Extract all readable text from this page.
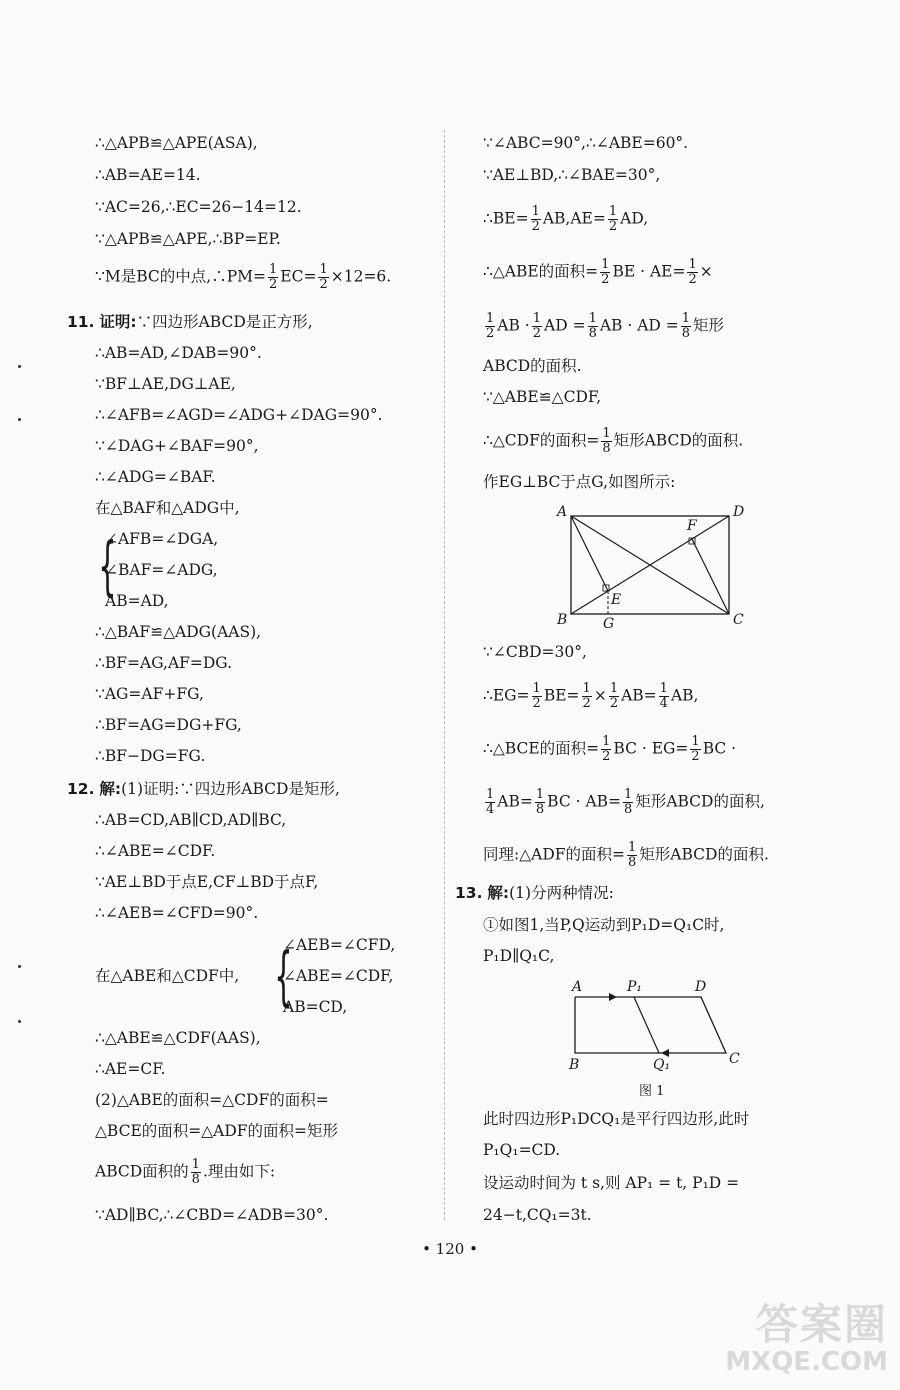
∴△APB≌△APE(ASA),
∴AB=AE=14.
∵AC=26,∴EC=26−14=12.
∵△APB≌△APE,∴BP=EP.
∵M是BC的中点,∴PM= $\frac{1}{2} EC= \frac{1}{2} \times 12=6$.
11. 证明:∵四边形ABCD是正方形,
∴AB=AD,∠DAB=90°.
∵BF⊥AE,DG⊥AE,
∴∠AFB=∠AGD=∠ADG+∠DAG=90°.
∵∠DAG+∠BAF=90°,
∴∠ADG=∠BAF.
在△BAF和△ADG中,
{
∠AFB=∠DGA,
∠BAF=∠ADG,
AB=AD,
∴△BAF≌△ADG(AAS),
∴BF=AG,AF=DG.
∵AG=AF+FG,
∴BF=AG=DG+FG,
∴BF−DG=FG.
12. 解:(1)证明:∵四边形ABCD是矩形,
∴AB=CD,AB∥CD,AD∥BC,
∴∠ABE=∠CDF.
∵AE⊥BD于点E,CF⊥BD于点F,
∴∠AEB=∠CFD=90°.
在△ABE和△CDF中, {
∠AEB=∠CFD,
∠ABE=∠CDF,
AB=CD,
∴△ABE≌△CDF(AAS),
∴AE=CF.
(2)△ABE的面积=△CDF的面积=
△BCE的面积=△ADF的面积=矩形
ABCD面积的 $\frac{1}{8}$ .理由如下:
∵AD∥BC,∴∠CBD=∠ADB=30°.
∵∠ABC=90°,∴∠ABE=60°.
∵AE⊥BD,∴∠BAE=30°,
∴BE= $\frac{1}{2} AB,AE= \frac{1}{2}$ AD,
∴△ABE的面积= $\frac{1}{2}$ BE · $AE= \frac{1}{2}$ ×
$\frac{1}{2}$ AB · $\frac{1}{2}$ AD = $\frac{1}{8}$ AB · AD = $\frac{1}{8}$ 矩形
ABCD的面积.
∵△ABE≌△CDF,
∴△CDF的面积= $\frac{1}{8}$ 矩形ABCD的面积.
作EG⊥BC于点G,如图所示:
A	D
B	C
E
F
G
∵∠CBD=30°,
∴EG= $\frac{1}{2} BE= \frac{1}{2} \times \frac{1}{2} AB= \frac{1}{4}$ AB,
∴△BCE的面积= $\frac{1}{2}$ BC · $EG= \frac{1}{2}$ BC ·
$\frac{1}{4} AB= \frac{1}{8}$ BC · $AB= \frac{1}{8}$ 矩形ABCD的面积,
同理:△ADF的面积= $\frac{1}{8}$ 矩形ABCD的面积.
13. 解:(1)分两种情况:
①如图1,当P,Q运动到P₁D=Q₁C时,
P₁D∥Q₁C,
A	P₁	D
B	Q₁	C
图 1
此时四边形P₁DCQ₁是平行四边形,此时
P₁Q₁=CD.
设运动时间为 t s,则 AP₁ = t, P₁D =
24−t,CQ₁=3t.
• 120 •
答案圈
MXQE.COM
